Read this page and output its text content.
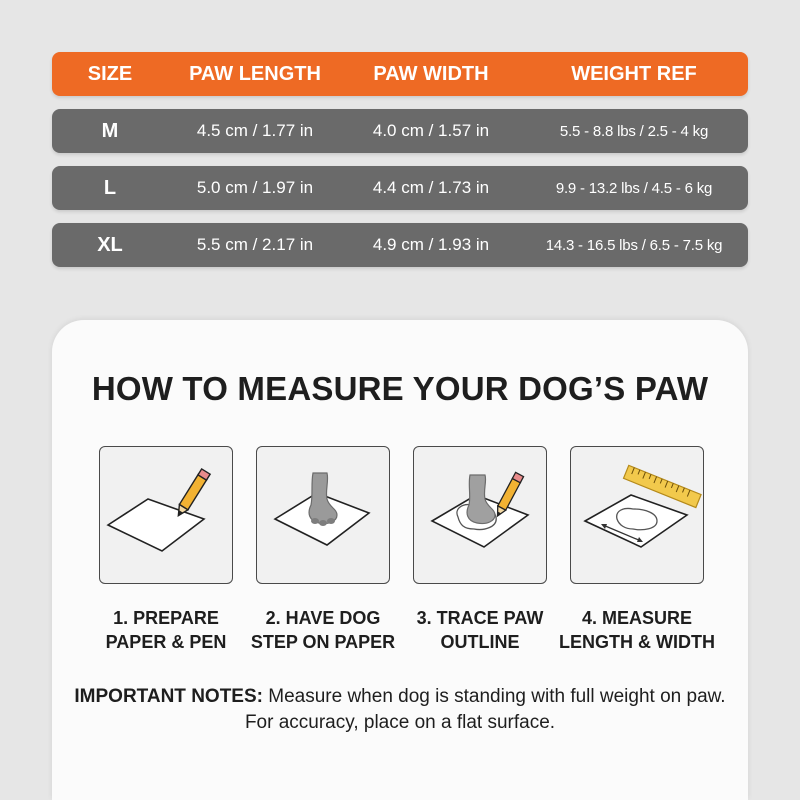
SIZE	PAW LENGTH	PAW WIDTH	WEIGHT REF
M	4.5 cm / 1.77 in	4.0 cm / 1.57 in	5.5 - 8.8 lbs / 2.5 - 4 kg
L	5.0 cm / 1.97 in	4.4 cm / 1.73 in	9.9 - 13.2 lbs / 4.5 - 6 kg
XL	5.5 cm / 2.17 in	4.9 cm / 1.93 in	14.3 - 16.5 lbs / 6.5 - 7.5 kg
HOW TO MEASURE YOUR DOG’S PAW
1. PREPARE
PAPER & PEN
2. HAVE DOG
STEP ON PAPER
3. TRACE PAW
OUTLINE
4. MEASURE
LENGTH & WIDTH
IMPORTANT NOTES: Measure when dog is standing with full weight on paw. For accuracy, place on a flat surface.
